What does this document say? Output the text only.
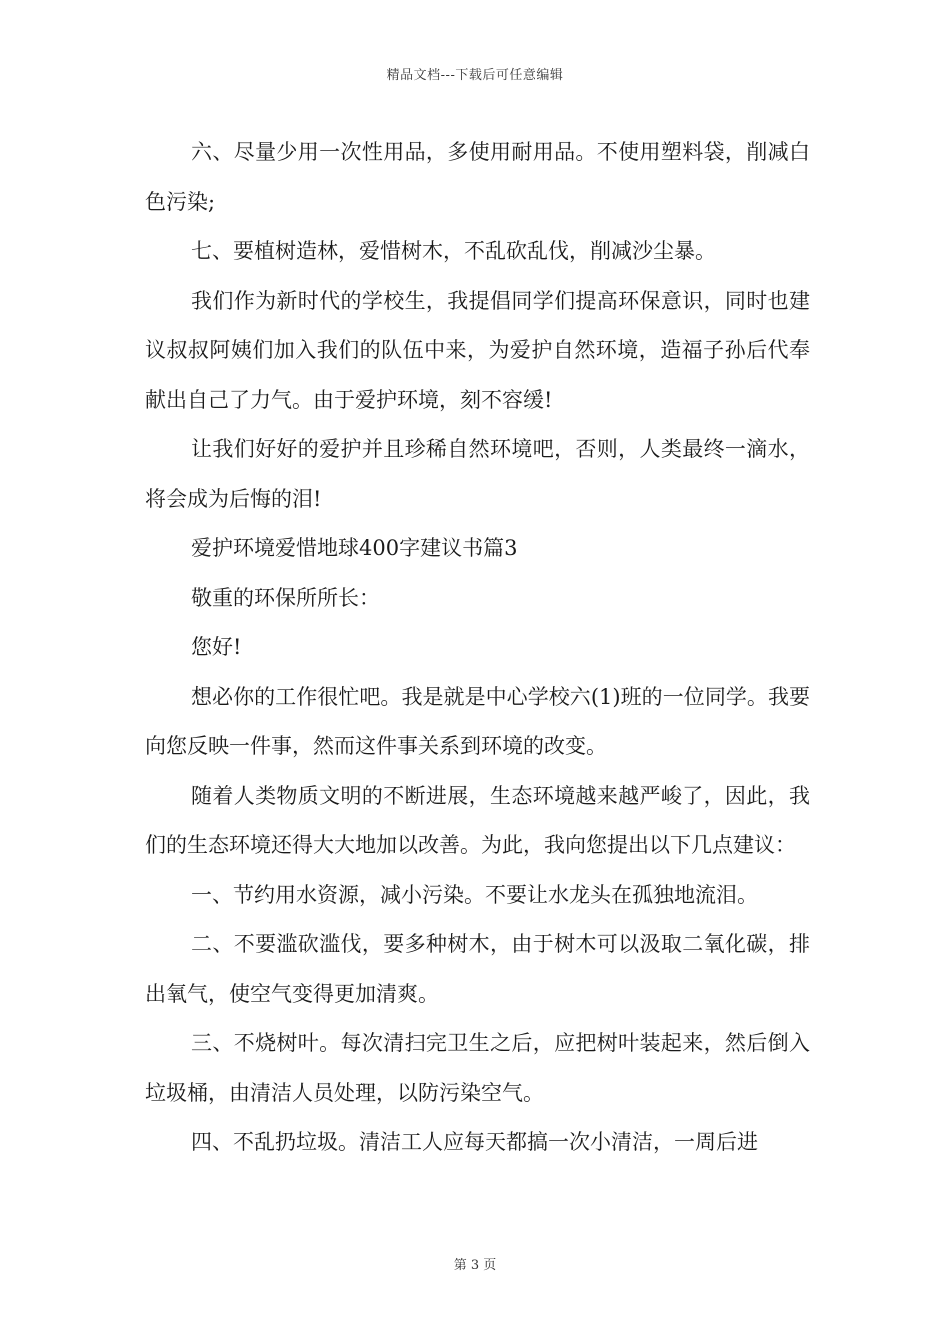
精品文档---下载后可任意编辑

六、尽量少用一次性用品，多使用耐用品。不使用塑料袋，削减白色污染;

七、要植树造林，爱惜树木，不乱砍乱伐，削减沙尘暴。

我们作为新时代的学校生，我提倡同学们提高环保意识，同时也建议叔叔阿姨们加入我们的队伍中来，为爱护自然环境，造福子孙后代奉献出自己了力气。由于爱护环境，刻不容缓!

让我们好好的爱护并且珍稀自然环境吧，否则，人类最终一滴水，将会成为后悔的泪!

爱护环境爱惜地球400字建议书篇3

敬重的环保所所长：

您好!

想必你的工作很忙吧。我是就是中心学校六(1)班的一位同学。我要向您反映一件事，然而这件事关系到环境的改变。

随着人类物质文明的不断进展，生态环境越来越严峻了，因此，我们的生态环境还得大大地加以改善。为此，我向您提出以下几点建议：

一、节约用水资源，减小污染。不要让水龙头在孤独地流泪。

二、不要滥砍滥伐，要多种树木，由于树木可以汲取二氧化碳，排出氧气，使空气变得更加清爽。

三、不烧树叶。每次清扫完卫生之后，应把树叶装起来，然后倒入垃圾桶，由清洁人员处理，以防污染空气。

四、不乱扔垃圾。清洁工人应每天都搞一次小清洁，一周后进

第 3 页
